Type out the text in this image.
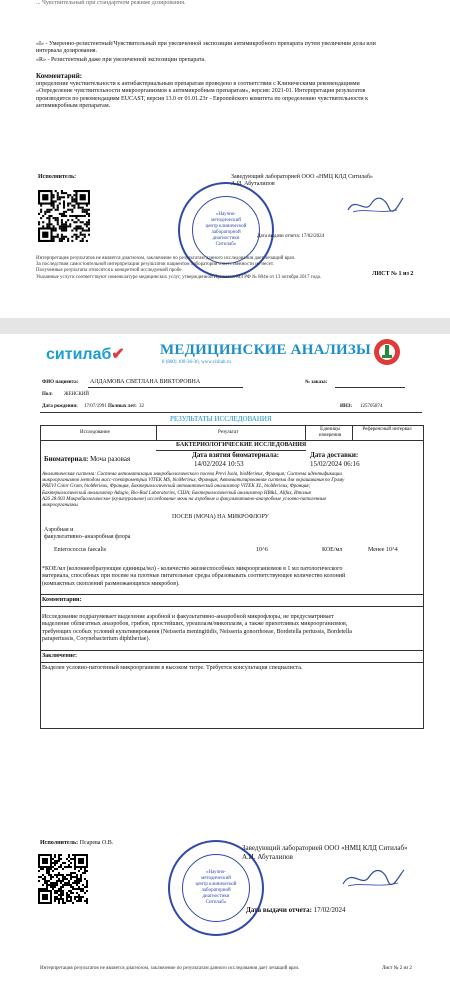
... Чувствительный при стандартном режиме дозирования.
«I» - Умеренно-резистентный/Чувствительный при увеличенной экспозиции антимикробного препарата путем увеличения дозы или
интервала дозирования.
«R» - Резистентный даже при увеличенной экспозиции препарата.
Комментарий:
определение чувствительности к антибактериальным препаратам проведено в соответствии с Клиническими рекомендациями
«Определение чувствительности микроорганизмов к антимикробным препаратам», версия: 2021-01. Интерпретация результатов
производится по рекомендациям EUCAST, версия 13.0 от 01.01.23г - Европейского комитета по определению чувствительности к
антимикробным препаратам.
Исполнитель:
«Научно-
методический
центр клинической
лабораторной
диагностики
Ситилаб»
Заведующий лабораторией ООО «НМЦ КЛД Ситилаб»
А.И. Абуталипов
Дата выдачи отчета: 17/02/2024
Интерпретация результатов не является диагнозом, заключение по результатам данного исследования дает лечащий врач.
За последствия самостоятельной интерпретации результатов пациентом лаборатория ответственности не несет.
Полученные результаты относятся к конкретной исследуемой пробе.
Указанные услуги соответствуют номенклатуре медицинских услуг, утвержденной Приказом МЗ РФ № 804н от 13 октября 2017 года.
ЛИСТ № 1 из 2
ситилаб✔ МЕДИЦИНСКИЕ АНАЛИЗЫ
8 (800) 100-36-36, www.citilab.ru
ФИО пациента: АЛДАМОВА СВЕТЛАНА ВИКТОРОВНА	№ заказа:
Пол: ЖЕНСКИЙ
Дата рождения: 17/07/1991 Полных лет: 32	ИНЗ: 125705874
РЕЗУЛЬТАТЫ ИССЛЕДОВАНИЯ
Исследование	Результат
Единицы измерения
Референсный интервал
БАКТЕРИОЛОГИЧЕСКИЕ ИССЛЕДОВАНИЯ
Биоматериал: Моча разовая	Дата взятия биоматериала:
14/02/2024 10:53
Дата доставки:
15/02/2024 06:16
Аналитическая система: Система автоматизации микробиологического посева Previ Isola, bioMerieux, Франция; Система идентификации
микроорганизмов методом масс-спектрометрии VITEK MS, bioMerieux, Франция; Автоматизированная система для окрашивания по Граму
PREVI Color Gram, bioMerieux, Франция, Бактериологический автоматический анализатор VITEK XL, bioMerieux, Франция;
Бактериологический анализатор Adagio, Bio-Rad Laboratories, США; Бактериологический анализатор HB&L, Alifax, Италия
A26 28.003 Микробиологическое (культуральное) исследование мочи на аэробные и факультативно-анаэробные условно-патогенные
микроорганизмы
ПОСЕВ (МОЧА) НА МИКРОФЛОРУ
Аэробная и
факультативно–анаэробная флора
Enterococcus faecalis	10^6	КОЕ/мл	Менее 10^4
*КОЕ/мл (колониеобразующие единицы/мл) - количество жизнеспособных микроорганизмов в 1 мл патологического
материала, способных при посеве на плотные питательные среды образовывать соответствующее количество колоний
(компактных скоплений размножающихся микробов).
Комментарии:
Исследование подразумевает выделение аэробной и факультативно-анаэробной микрофлоры, не предусматривает
выделение облигатных анаэробов, грибов, простейших, уреаплазм/микоплазм, а также прихотливых микроорганизмов,
требующих особых условий культивирования (Neisseria meningitidis, Neisseria gonorrhoeae, Bordetella pertussis, Bordetella
parapertussis, Corynebacterium diphtheriae).
Заключение:
Выделен условно-патогенный микроорганизм в высоком титре. Требуется консультация специалиста.
Исполнитель: Псарева О.В.
«Научно-
методический
центр клинической
лабораторной
диагностики
Ситилаб»
Заведующий лабораторией ООО «НМЦ КЛД Ситилаб»
А.И. Абуталипов
Дата выдачи отчета: 17/02/2024
Интерпретация результатов не является диагнозом, заключение по результатам данного исследования дает лечащий врач.	Лист № 2 из 2
